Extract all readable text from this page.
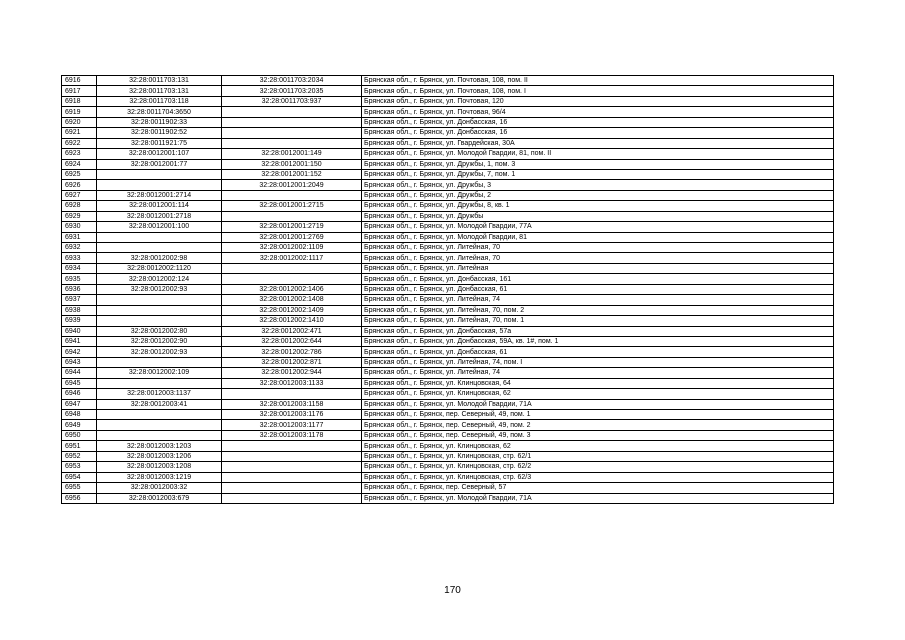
6916	32:28:0011703:131	32:28:0011703:2034	Брянская обл., г. Брянск, ул. Почтовая, 108, пом. II
6917	32:28:0011703:131	32:28:0011703:2035	Брянская обл., г. Брянск, ул. Почтовая, 108, пом. I
6918	32:28:0011703:118	32:28:0011703:937	Брянская обл., г. Брянск, ул. Почтовая, 120
6919	32:28:0011704:3650		Брянская обл., г. Брянск, ул. Почтовая, 96/4
6920	32:28:0011902:33		Брянская обл., г. Брянск, ул. Донбасская, 16
6921	32:28:0011902:52		Брянская обл., г. Брянск, ул. Донбасская, 16
6922	32:28:0011921:75		Брянская обл., г. Брянск, ул. Гвардейская, 30А
6923	32:28:0012001:107	32:28:0012001:149	Брянская обл., г. Брянск, ул. Молодой Гвардии, 81, пом. II
6924	32:28:0012001:77	32:28:0012001:150	Брянская обл., г. Брянск, ул. Дружбы, 1, пом. 3
6925		32:28:0012001:152	Брянская обл., г. Брянск, ул. Дружбы, 7, пом. 1
6926		32:28:0012001:2049	Брянская обл., г. Брянск, ул. Дружбы, 3
6927	32:28:0012001:2714		Брянская обл., г. Брянск, ул. Дружбы, 2
6928	32:28:0012001:114	32:28:0012001:2715	Брянская обл., г. Брянск, ул. Дружбы, 8, кв. 1
6929	32:28:0012001:2718		Брянская обл., г. Брянск, ул. Дружбы
6930	32:28:0012001:100	32:28:0012001:2719	Брянская обл., г. Брянск, ул. Молодой Гвардии, 77А
6931		32:28:0012001:2769	Брянская обл., г. Брянск, ул. Молодой Гвардии, 81
6932		32:28:0012002:1109	Брянская обл., г. Брянск, ул. Литейная, 70
6933	32:28:0012002:98	32:28:0012002:1117	Брянская обл., г. Брянск, ул. Литейная, 70
6934	32:28:0012002:1120		Брянская обл., г. Брянск, ул. Литейная
6935	32:28:0012002:124		Брянская обл., г. Брянск, ул. Донбасская, 161
6936	32:28:0012002:93	32:28:0012002:1406	Брянская обл., г. Брянск, ул. Донбасская, 61
6937		32:28:0012002:1408	Брянская обл., г. Брянск, ул. Литейная, 74
6938		32:28:0012002:1409	Брянская обл., г. Брянск, ул. Литейная, 70, пом. 2
6939		32:28:0012002:1410	Брянская обл., г. Брянск, ул. Литейная, 70, пом. 1
6940	32:28:0012002:80	32:28:0012002:471	Брянская обл., г. Брянск, ул. Донбасская, 57а
6941	32:28:0012002:90	32:28:0012002:644	Брянская обл., г. Брянск, ул. Донбасская, 59А, кв. 1#, пом. 1
6942	32:28:0012002:93	32:28:0012002:786	Брянская обл., г. Брянск, ул. Донбасская, 61
6943		32:28:0012002:871	Брянская обл., г. Брянск, ул. Литейная, 74, пом. I
6944	32:28:0012002:109	32:28:0012002:944	Брянская обл., г. Брянск, ул. Литейная, 74
6945		32:28:0012003:1133	Брянская обл., г. Брянск, ул. Клинцовская, 64
6946	32:28:0012003:1137		Брянская обл., г. Брянск, ул. Клинцовская, 62
6947	32:28:0012003:41	32:28:0012003:1158	Брянская обл., г. Брянск, ул. Молодой Гвардии, 71А
6948		32:28:0012003:1176	Брянская обл., г. Брянск, пер. Северный, 49, пом. 1
6949		32:28:0012003:1177	Брянская обл., г. Брянск, пер. Северный, 49, пом. 2
6950		32:28:0012003:1178	Брянская обл., г. Брянск, пер. Северный, 49, пом. 3
6951	32:28:0012003:1203		Брянская обл., г. Брянск, ул. Клинцовская, 62
6952	32:28:0012003:1206		Брянская обл., г. Брянск, ул. Клинцовская, стр. 62/1
6953	32:28:0012003:1208		Брянская обл., г. Брянск, ул. Клинцовская, стр. 62/2
6954	32:28:0012003:1219		Брянская обл., г. Брянск, ул. Клинцовская, стр. 62/3
6955	32:28:0012003:32		Брянская обл., г. Брянск, пер. Северный, 57
6956	32:28:0012003:679		Брянская обл., г. Брянск, ул. Молодой Гвардии, 71А
170
